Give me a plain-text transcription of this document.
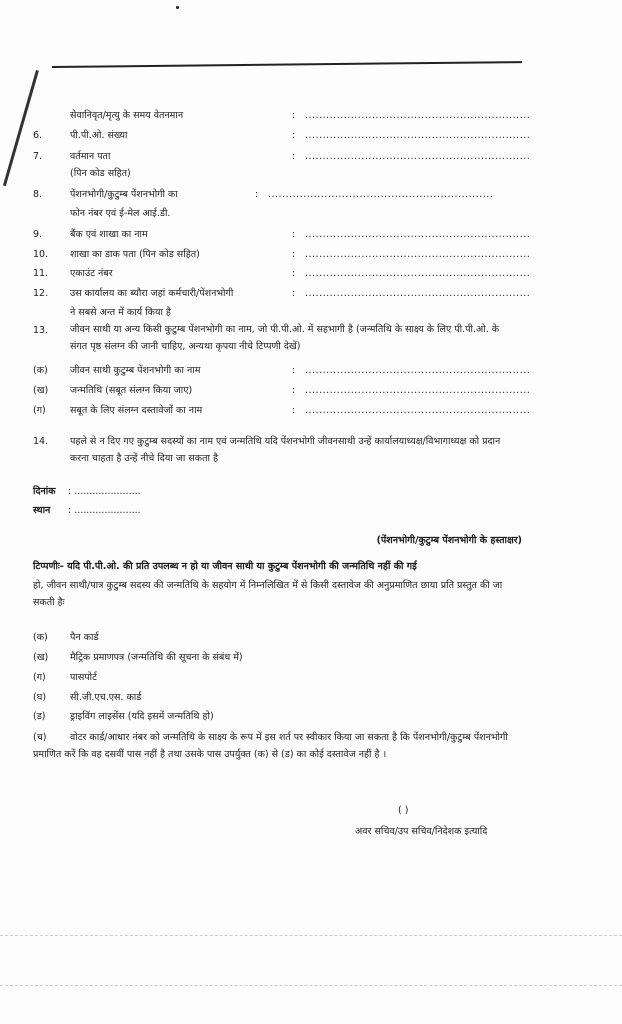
सेवानिवृत/मृत्यु के समय वेतनमान	: ................................................................
6.	पी.पी.ओ. संख्या	: ................................................................
7.	वर्तमान पता	: ................................................................
(पिन कोड सहित)
8.	पेंशनभोगी/कुटुम्ब पेंशनभोगी का	: ................................................................
फोन नंबर एवं ई-मेल आई.डी.
9.	बैंक एवं शाखा का नाम	: ................................................................
10. शाखा का डाक पता (पिन कोड सहित)	: ................................................................
11. एकाउंट नंबर	: ................................................................
12. उस कार्यालय का ब्यौरा जहां कर्मचारी/पेंशनभोगी	: ................................................................
ने सबसे अन्त में कार्य किया है
13. जीवन साथी या अन्य किसी कुटुम्ब पेंशनभोगी का नाम, जो पी.पी.ओ. में सहभागी है (जन्मतिथि के साक्ष्य के लिए पी.पी.ओ. के संगत पृष्ठ संलग्न की जानी चाहिए, अन्यथा कृपया नीचे टिप्पणी देखें)
(क) जीवन साथी कुटुम्ब पेंशनभोगी का नाम	: ................................................................
(ख) जन्मतिथि (सबूत संलग्न किया जाए)	: ................................................................
(ग)	सबूत के लिए संलग्न दस्तावेजों का नाम	: ................................................................
14. पहले से न दिए गए कुटुम्ब सदस्यों का नाम एवं जन्मतिथि यदि पेंशनभोगी जीवनसाथी उन्हें कार्यालयाध्यक्ष/विभागाध्यक्ष को प्रदान करना चाहता है उन्हें नीचे दिया जा सकता है
दिनांक : ......................
स्थान : ......................
(पेंशनभोगी/कुटुम्ब पेंशनभोगी के हस्ताक्षर)
टिप्पणीः- यदि पी.पी.ओ. की प्रति उपलब्ध न हो या जीवन साथी या कुटुम्ब पेंशनभोगी की जन्मतिथि नहीं की गई
हो, जीवन साथी/पात्र कुटुम्ब सदस्य की जन्मतिथि के सहयोग में निम्नलिखित में से किसी दस्तावेज की अनुप्रमाणित छाया प्रति प्रस्तुत की जा सकती हैः
(क) पैन कार्ड
(ख) मैट्रिक प्रमाणपत्र (जन्मतिथि की सूचना के संबंध में)
(ग)	पासपोर्ट
(घ)	सी.जी.एच.एस. कार्ड
(ड)	ड्राइविंग लाइसेंस (यदि इसमें जन्मतिथि हो)
(च)	वोटर कार्ड/आधार नंबर को जन्मतिथि के साक्ष्य के रूप में इस शर्त पर स्वीकार किया जा सकता है कि पेंशनभोगी/कुटुम्ब पेंशनभोगी प्रमाणित करें कि वह दसवीं पास नहीं है तथा उसके पास उपर्युक्त (क) से (ड) का कोई दस्तावेज नहीं है ।
( )
अवर सचिव/उप सचिव/निदेशक इत्यादि
